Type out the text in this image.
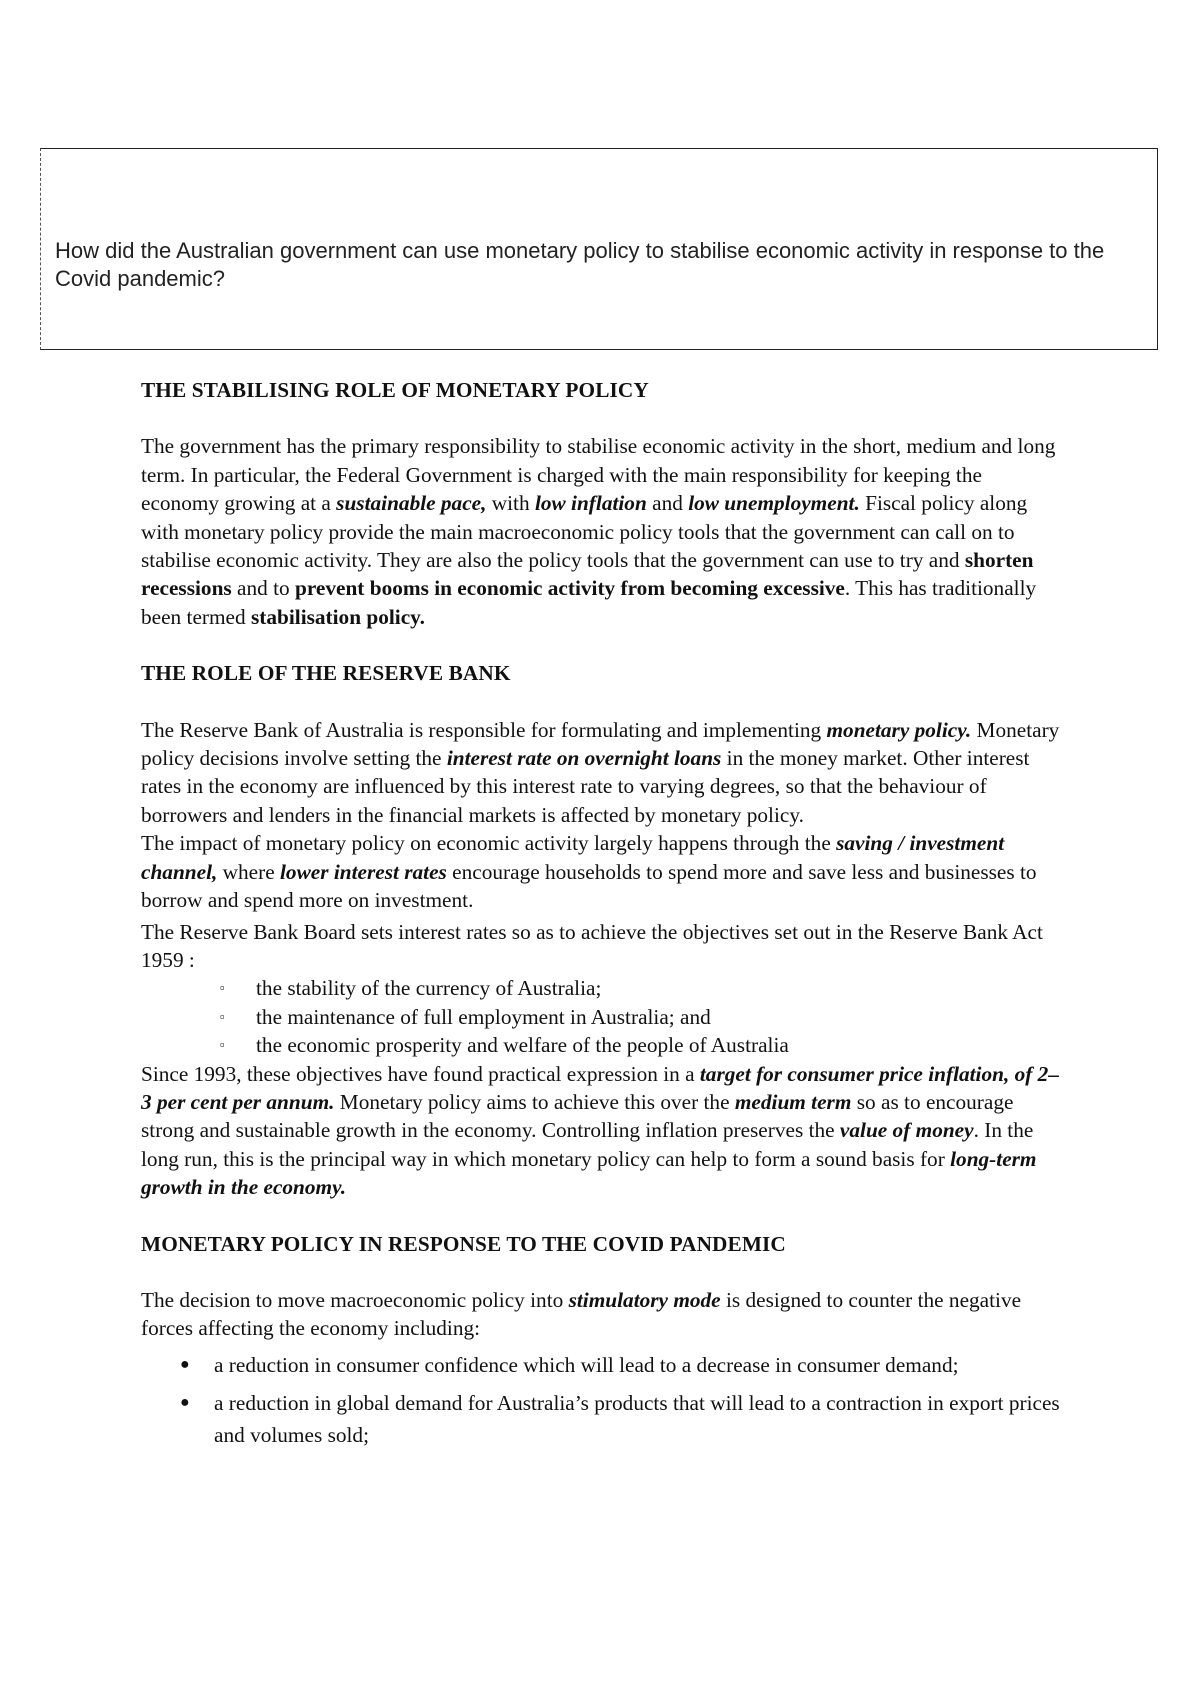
How did the Australian government can use monetary policy to stabilise economic activity in response to the Covid pandemic?
THE STABILISING ROLE OF MONETARY POLICY

The government has the primary responsibility to stabilise economic activity in the short, medium and long term. In particular, the Federal Government is charged with the main responsibility for keeping the economy growing at a sustainable pace, with low inflation and low unemployment. Fiscal policy along with monetary policy provide the main macroeconomic policy tools that the government can call on to stabilise economic activity. They are also the policy tools that the government can use to try and shorten recessions and to prevent booms in economic activity from becoming excessive. This has traditionally been termed stabilisation policy.

THE ROLE OF THE RESERVE BANK

The Reserve Bank of Australia is responsible for formulating and implementing monetary policy. Monetary policy decisions involve setting the interest rate on overnight loans in the money market. Other interest rates in the economy are influenced by this interest rate to varying degrees, so that the behaviour of borrowers and lenders in the financial markets is affected by monetary policy.

The impact of monetary policy on economic activity largely happens through the saving / investment channel, where lower interest rates encourage households to spend more and save less and businesses to borrow and spend more on investment.

The Reserve Bank Board sets interest rates so as to achieve the objectives set out in the Reserve Bank Act 1959 :

▫ the stability of the currency of Australia;
▫ the maintenance of full employment in Australia; and
▫ the economic prosperity and welfare of the people of Australia

Since 1993, these objectives have found practical expression in a target for consumer price inflation, of 2–3 per cent per annum. Monetary policy aims to achieve this over the medium term so as to encourage strong and sustainable growth in the economy. Controlling inflation preserves the value of money. In the long run, this is the principal way in which monetary policy can help to form a sound basis for long-term growth in the economy.

MONETARY POLICY IN RESPONSE TO THE COVID PANDEMIC

The decision to move macroeconomic policy into stimulatory mode is designed to counter the negative forces affecting the economy including:

● a reduction in consumer confidence which will lead to a decrease in consumer demand;
● a reduction in global demand for Australia’s products that will lead to a contraction in export prices and volumes sold;
